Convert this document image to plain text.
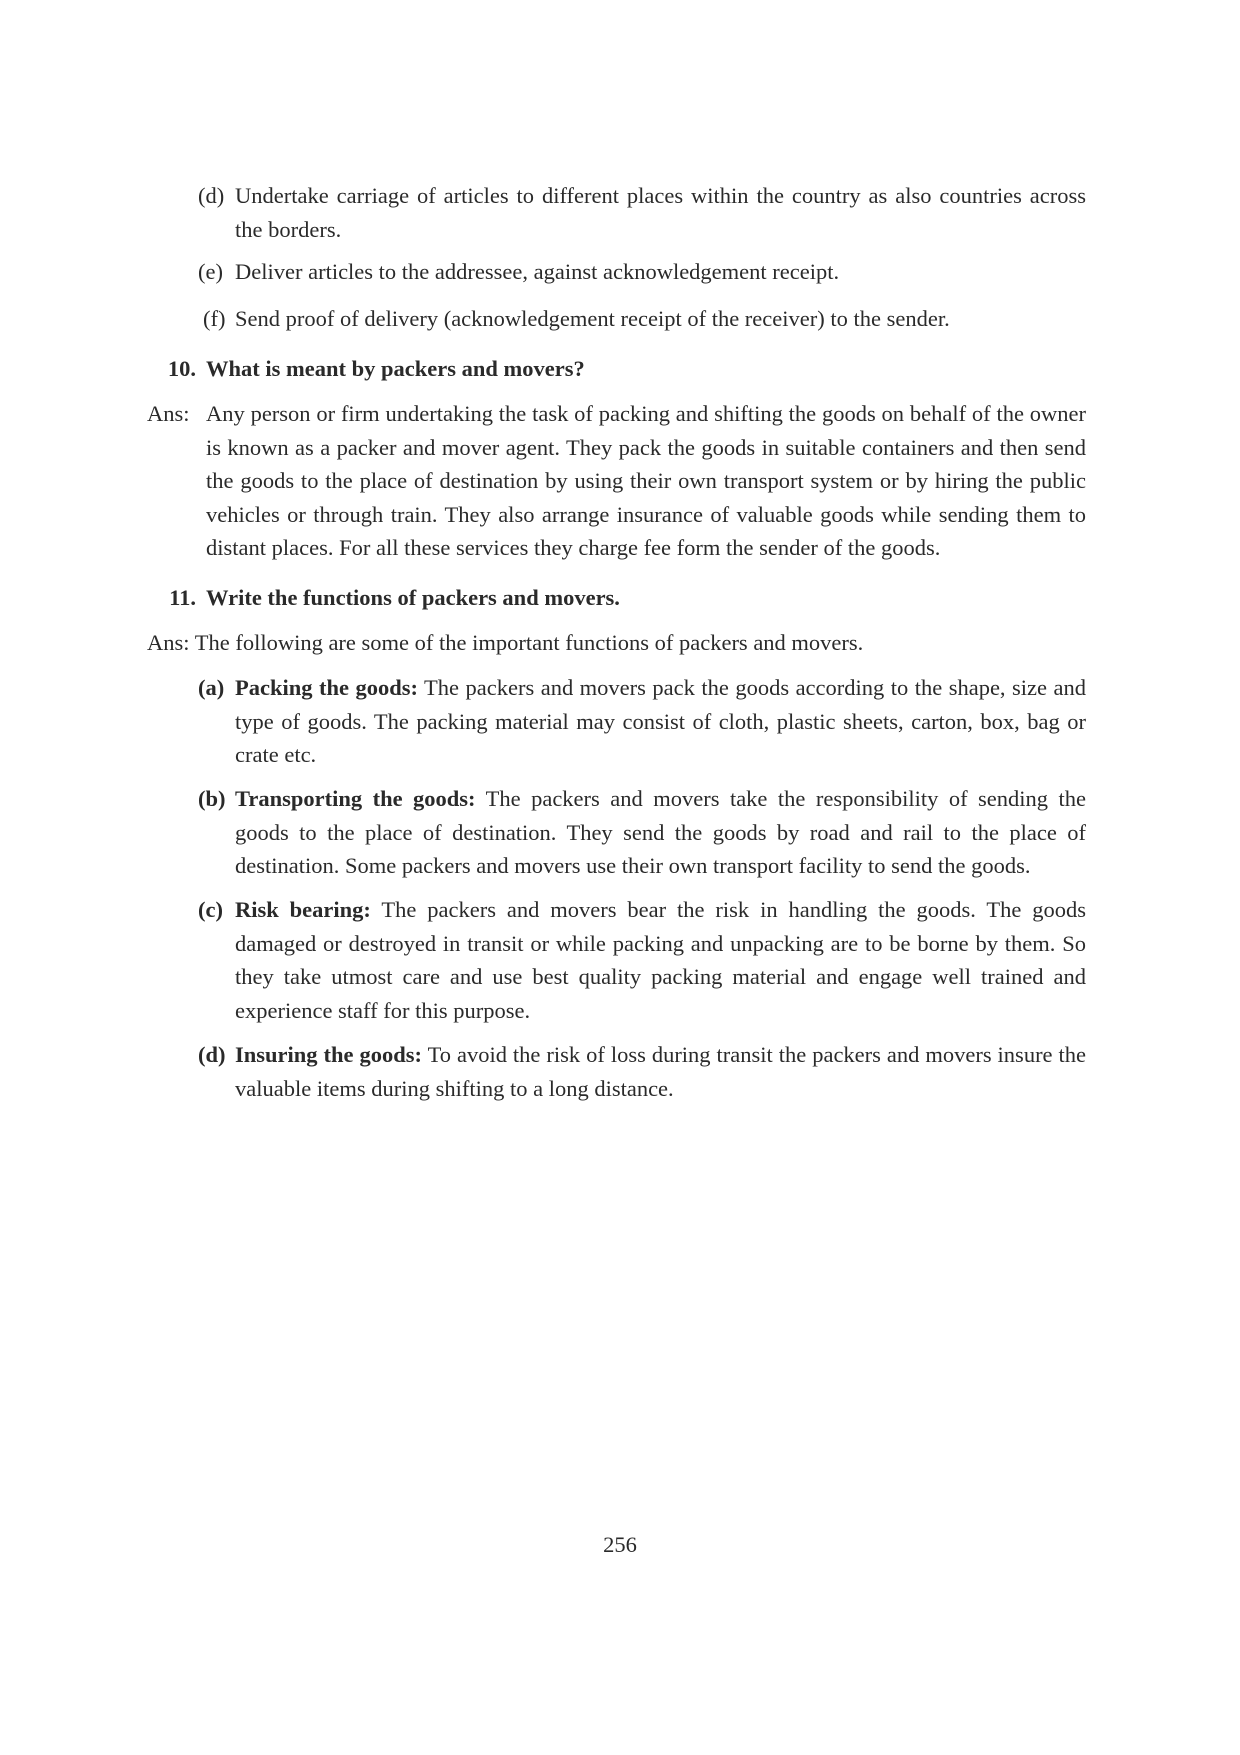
(d) Undertake carriage of articles to different places within the country as also countries across the borders.
(e) Deliver articles to the addressee, against acknowledgement receipt.
(f) Send proof of delivery (acknowledgement receipt of the receiver) to the sender.
10. What is meant by packers and movers?
Ans: Any person or firm undertaking the task of packing and shifting the goods on behalf of the owner is known as a packer and mover agent. They pack the goods in suitable containers and then send the goods to the place of destination by using their own transport system or by hiring the public vehicles or through train. They also arrange insurance of valuable goods while sending them to distant places. For all these services they charge fee form the sender of the goods.
11. Write the functions of packers and movers.
Ans: The following are some of the important functions of packers and movers.
(a) Packing the goods: The packers and movers pack the goods according to the shape, size and type of goods. The packing material may consist of cloth, plastic sheets, carton, box, bag or crate etc.
(b) Transporting the goods: The packers and movers take the responsibility of sending the goods to the place of destination. They send the goods by road and rail to the place of destination. Some packers and movers use their own transport facility to send the goods.
(c) Risk bearing: The packers and movers bear the risk in handling the goods. The goods damaged or destroyed in transit or while packing and unpacking are to be borne by them. So they take utmost care and use best quality packing material and engage well trained and experience staff for this purpose.
(d) Insuring the goods: To avoid the risk of loss during transit the packers and movers insure the valuable items during shifting to a long distance.
256
